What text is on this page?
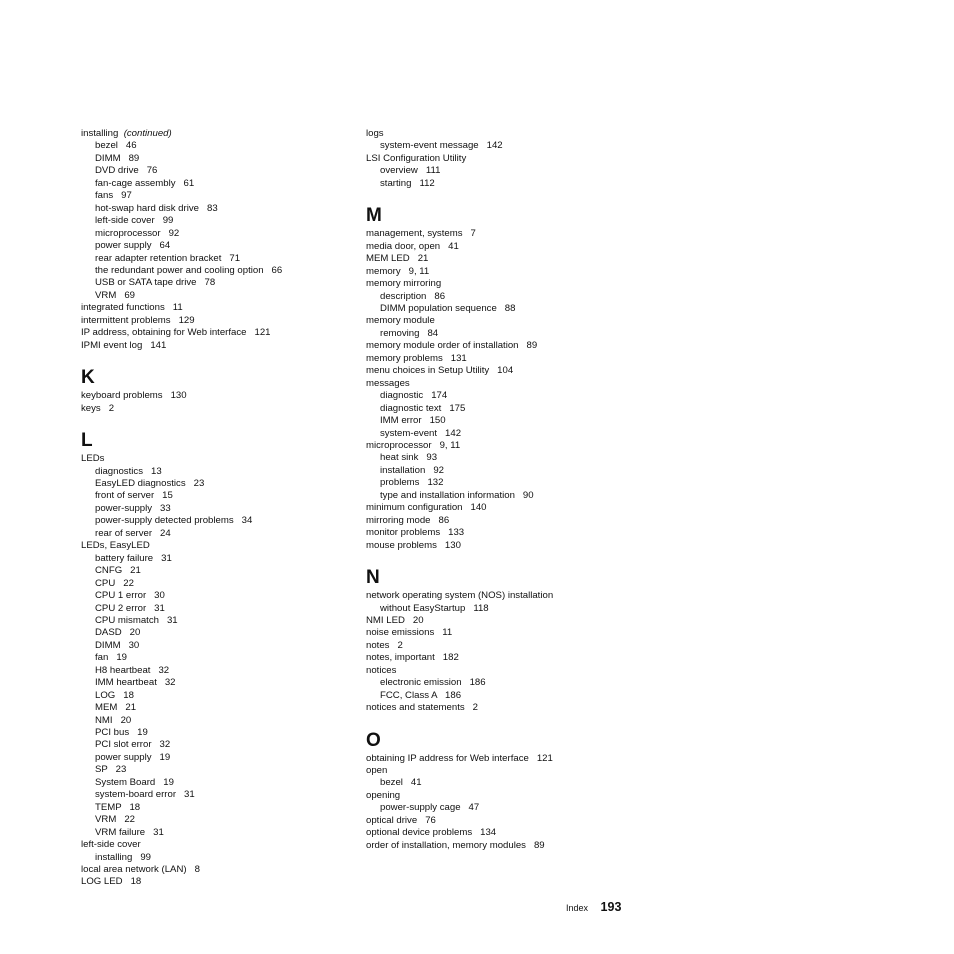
installing (continued)
bezel   46
DIMM   89
DVD drive   76
fan-cage assembly   61
fans   97
hot-swap hard disk drive   83
left-side cover   99
microprocessor   92
power supply   64
rear adapter retention bracket   71
the redundant power and cooling option   66
USB or SATA tape drive   78
VRM   69
integrated functions   11
intermittent problems   129
IP address, obtaining for Web interface   121
IPMI event log   141
K
keyboard problems   130
keys   2
L
LEDs
diagnostics   13
EasyLED diagnostics   23
front of server   15
power-supply   33
power-supply detected problems   34
rear of server   24
LEDs, EasyLED
battery failure   31
CNFG   21
CPU   22
CPU 1 error   30
CPU 2 error   31
CPU mismatch   31
DASD   20
DIMM   30
fan   19
H8 heartbeat   32
IMM heartbeat   32
LOG   18
MEM   21
NMI   20
PCI bus   19
PCI slot error   32
power supply   19
SP   23
System Board   19
system-board error   31
TEMP   18
VRM   22
VRM failure   31
left-side cover
installing   99
local area network (LAN)   8
LOG LED   18
logs
system-event message   142
LSI Configuration Utility
overview   111
starting   112
M
management, systems   7
media door, open   41
MEM LED   21
memory   9, 11
memory mirroring
description   86
DIMM population sequence   88
memory module
removing   84
memory module order of installation   89
memory problems   131
menu choices in Setup Utility   104
messages
diagnostic   174
diagnostic text   175
IMM error   150
system-event   142
microprocessor   9, 11
heat sink   93
installation   92
problems   132
type and installation information   90
minimum configuration   140
mirroring mode   86
monitor problems   133
mouse problems   130
N
network operating system (NOS) installation
without EasyStartup   118
NMI LED   20
noise emissions   11
notes   2
notes, important   182
notices
electronic emission   186
FCC, Class A   186
notices and statements   2
O
obtaining IP address for Web interface   121
open
bezel   41
opening
power-supply cage   47
optical drive   76
optional device problems   134
order of installation, memory modules   89
Index 193
